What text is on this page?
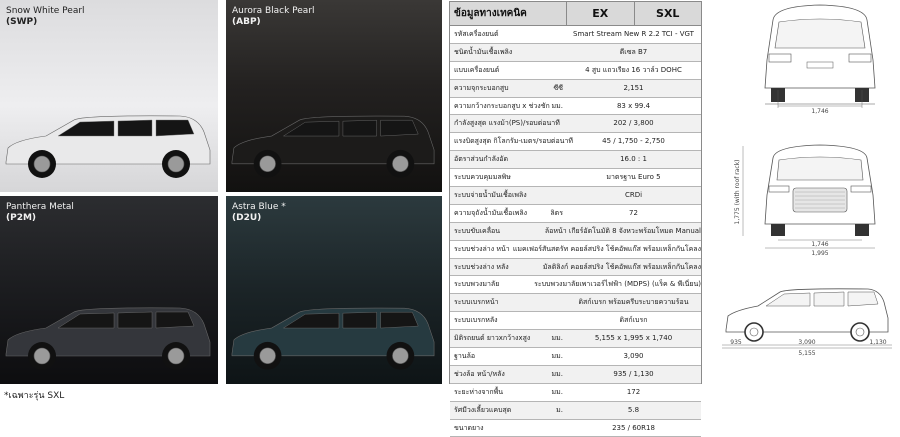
Snow White Pearl
(SWP)
Aurora Black Pearl
(ABP)
Panthera Metal
(P2M)
Astra Blue *
(D2U)
*เฉพาะรุ่น SXL
ข้อมูลทางเทคนิค	EX	SXL
รหัสเครื่องยนต์	Smart Stream New R 2.2 TCI - VGT
ชนิดน้ำมันเชื้อเพลิง	ดีเซล B7
แบบเครื่องยนต์	4 สูบ แถวเรียง 16 วาล์ว DOHC
ความจุกระบอกสูบ	ซีซี	2,151
ความกว้างกระบอกสูบ x ช่วงชัก มม.	83 x 99.4
กำลังสูงสุด แรงม้า(PS)/รอบต่อนาที	202 / 3,800
แรงบิดสูงสุด กิโลกรัม-เมตร/รอบต่อนาที	45 / 1,750 - 2,750
อัตราส่วนกำลังอัด	16.0 : 1
ระบบควบคุมมลพิษ	มาตรฐาน Euro 5
ระบบจ่ายน้ำมันเชื้อเพลิง	CRDi
ความจุถังน้ำมันเชื้อเพลิง	ลิตร	72
ระบบขับเคลื่อน	ล้อหน้า เกียร์อัตโนมัติ 8 จังหวะพร้อมโหมด Manual
ระบบช่วงล่าง หน้า แมคเฟอร์สันสตรัท คอยล์สปริง โช้คอัพแก๊ส พร้อมเหล็กกันโคลง
ระบบช่วงล่าง หลัง	มัลติลิงก์ คอยล์สปริง โช้คอัพแก๊ส พร้อมเหล็กกันโคลง
ระบบพวงมาลัย	ระบบพวงมาลัยเพาเวอร์ไฟฟ้า (MDPS) (แร็ค & พีเนี่ยน)
ระบบเบรกหน้า	ดิสก์เบรก พร้อมครีบระบายความร้อน
ระบบเบรกหลัง	ดิสก์เบรก
มิติรถยนต์ ยาวxกว้างxสูง	มม.	5,155 x 1,995 x 1,740
ฐานล้อ	มม.	3,090
ช่วงล้อ หน้า/หลัง	มม.	935 / 1,130
ระยะห่างจากพื้น	มม.	172
รัศมีวงเลี้ยวแคบสุด	ม.	5.8
ขนาดยาง	235 / 60R18
1,746
1,775 (with roof rack)
1,746
1,995
935	3,090	1,130
5,155
